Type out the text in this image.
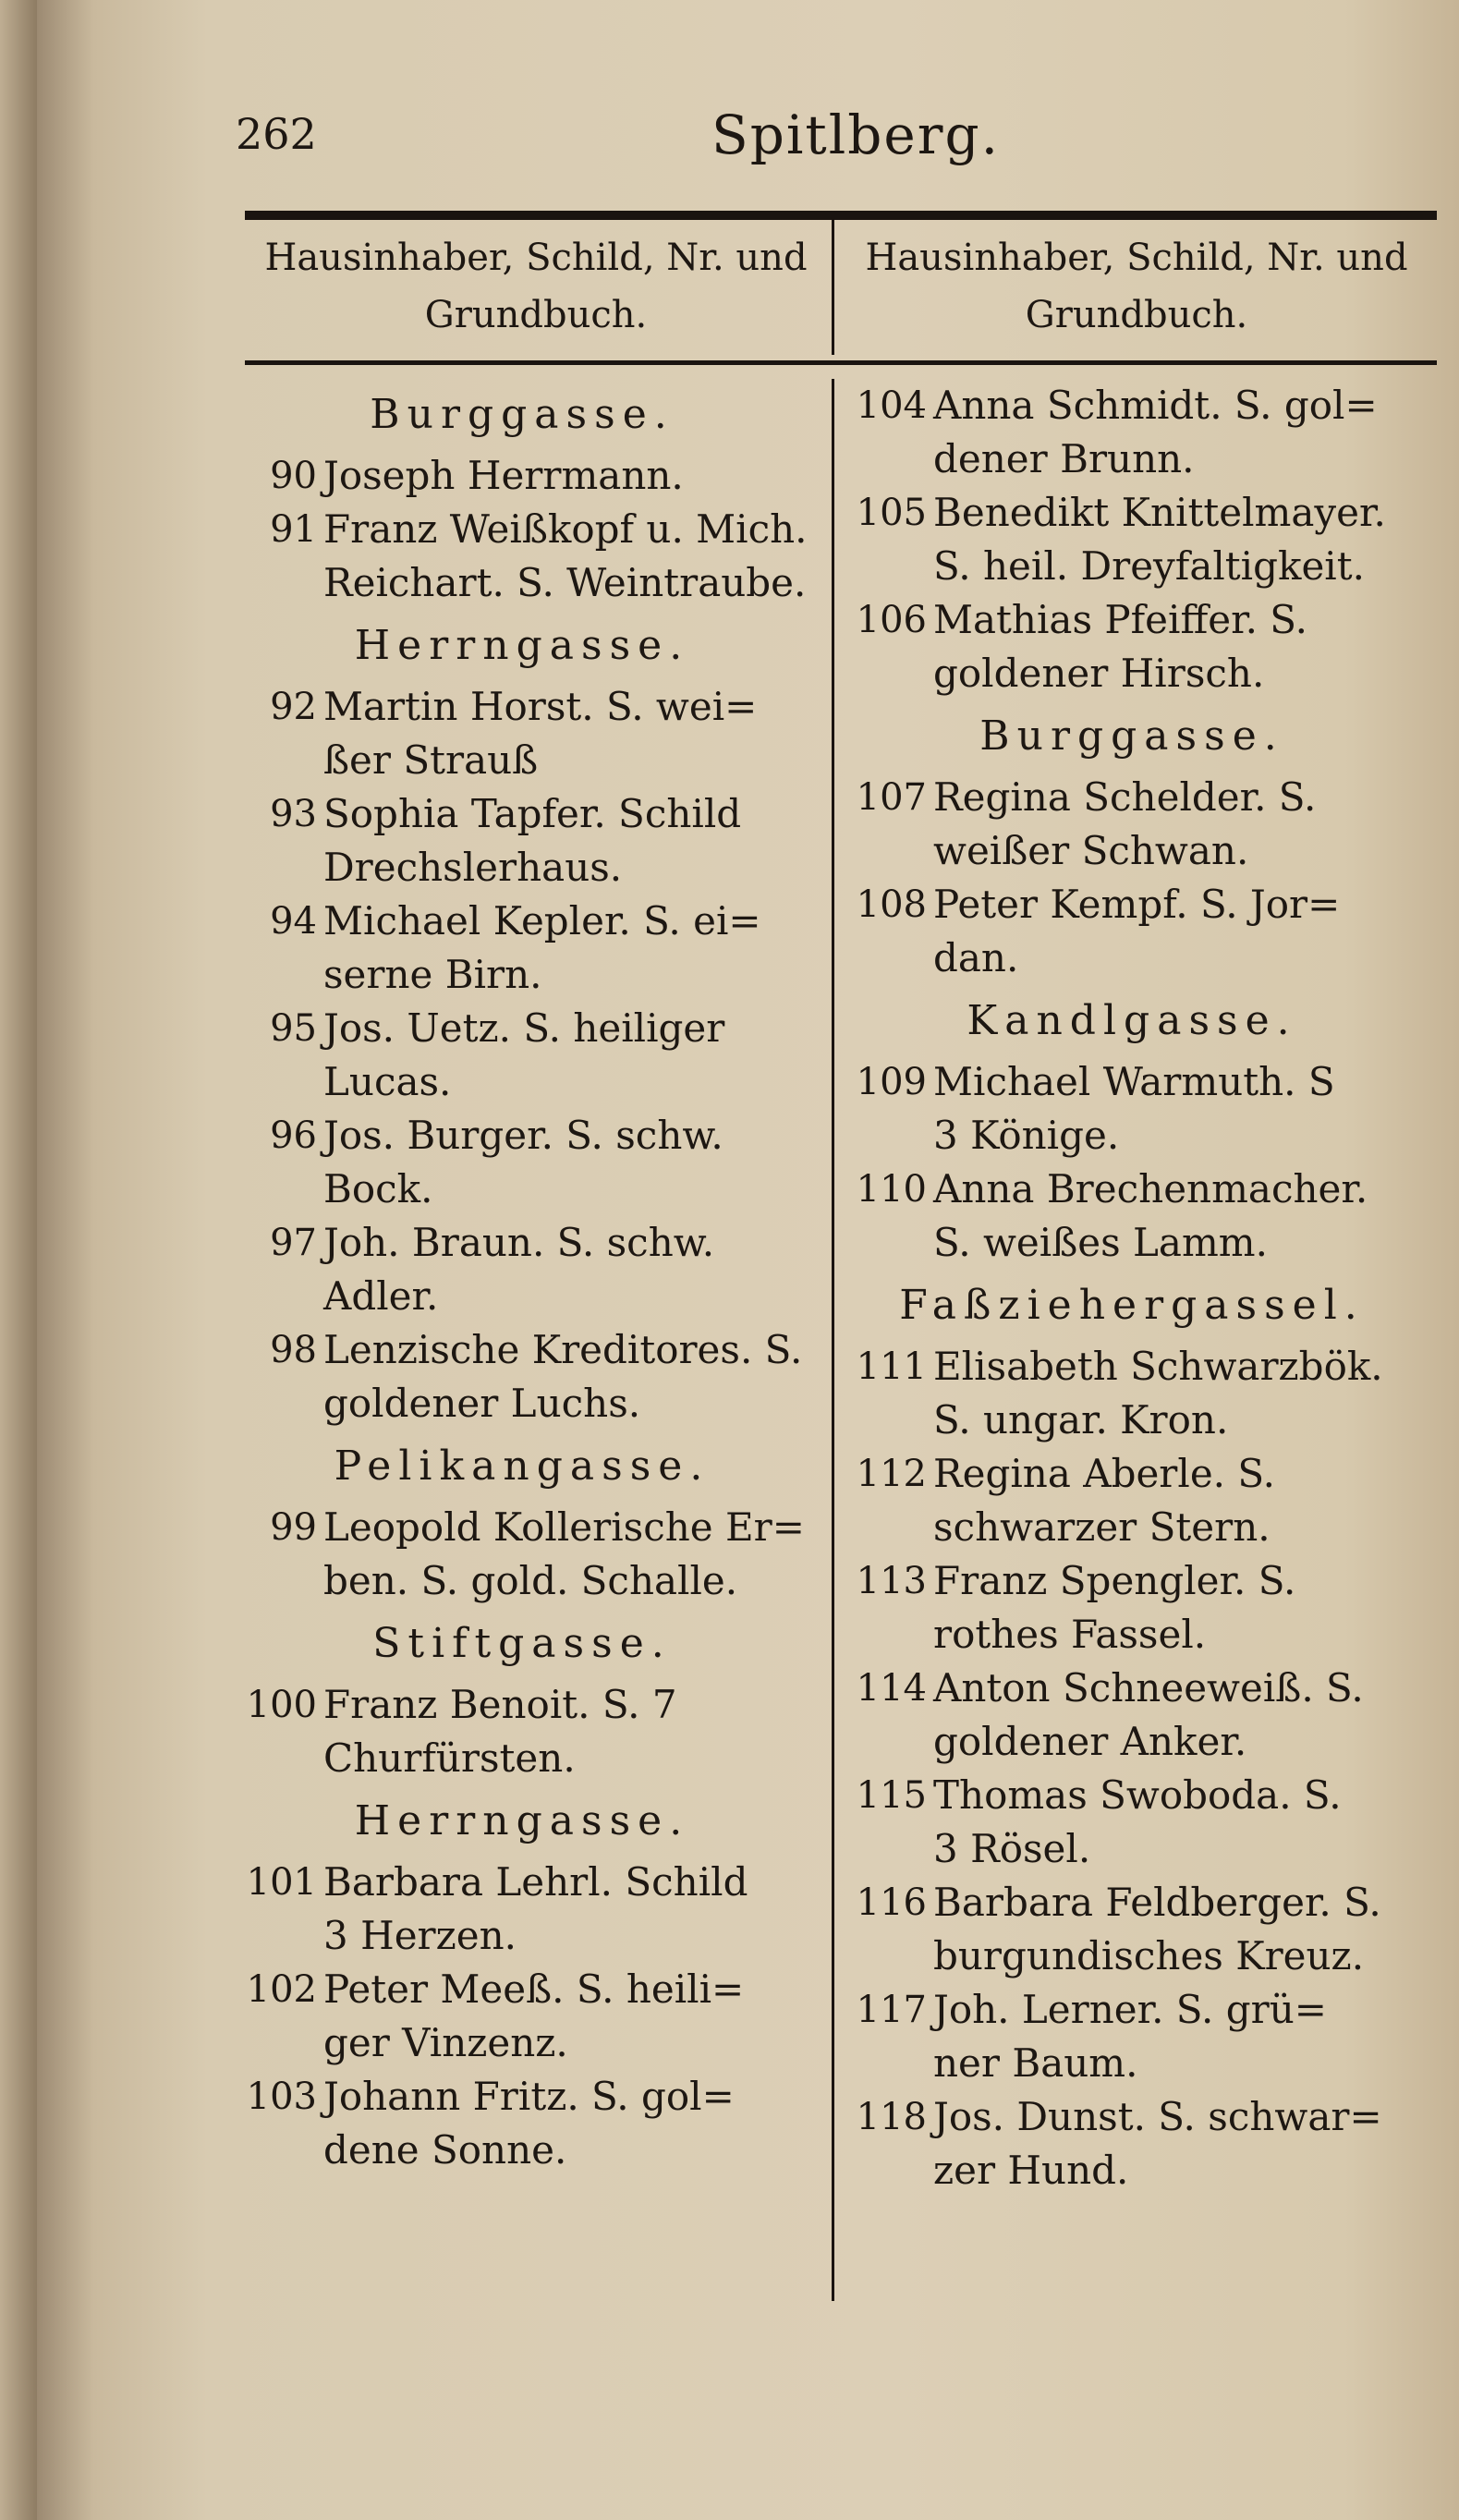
262	Spitlberg.
Hausinhaber, Schild, Nr. und
Grundbuch.
Hausinhaber, Schild, Nr. und
Grundbuch.
Burggasse.
90 Joseph Herrmann.
91 Franz Weißkopf u. Mich.
Reichart. S. Weintraube.
Herrngasse.
92 Martin Horst. S. wei=
ßer Strauß
93 Sophia Tapfer. Schild
Drechslerhaus.
94 Michael Kepler. S. ei=
serne Birn.
95 Jos. Uetz. S. heiliger
Lucas.
96 Jos. Burger. S. schw.
Bock.
97 Joh. Braun. S. schw.
Adler.
98 Lenzische Kreditores. S.
goldener Luchs.
Pelikangasse.
99 Leopold Kollerische Er=
ben. S. gold. Schalle.
Stiftgasse.
100 Franz Benoit. S. 7
Churfürsten.
Herrngasse.
101 Barbara Lehrl. Schild
3 Herzen.
102 Peter Meeß. S. heili=
ger Vinzenz.
103 Johann Fritz. S. gol=
dene Sonne.
104 Anna Schmidt. S. gol=
dener Brunn.
105 Benedikt Knittelmayer.
S. heil. Dreyfaltigkeit.
106 Mathias Pfeiffer. S.
goldener Hirsch.
Burggasse.
107 Regina Schelder. S.
weißer Schwan.
108 Peter Kempf. S. Jor=
dan.
Kandlgasse.
109 Michael Warmuth. S
3 Könige.
110 Anna Brechenmacher.
S. weißes Lamm.
Faßziehergassel.
111 Elisabeth Schwarzbök.
S. ungar. Kron.
112 Regina Aberle. S.
schwarzer Stern.
113 Franz Spengler. S.
rothes Fassel.
114 Anton Schneeweiß. S.
goldener Anker.
115 Thomas Swoboda. S.
3 Rösel.
116 Barbara Feldberger. S.
burgundisches Kreuz.
117 Joh. Lerner. S. grü=
ner Baum.
118 Jos. Dunst. S. schwar=
zer Hund.
